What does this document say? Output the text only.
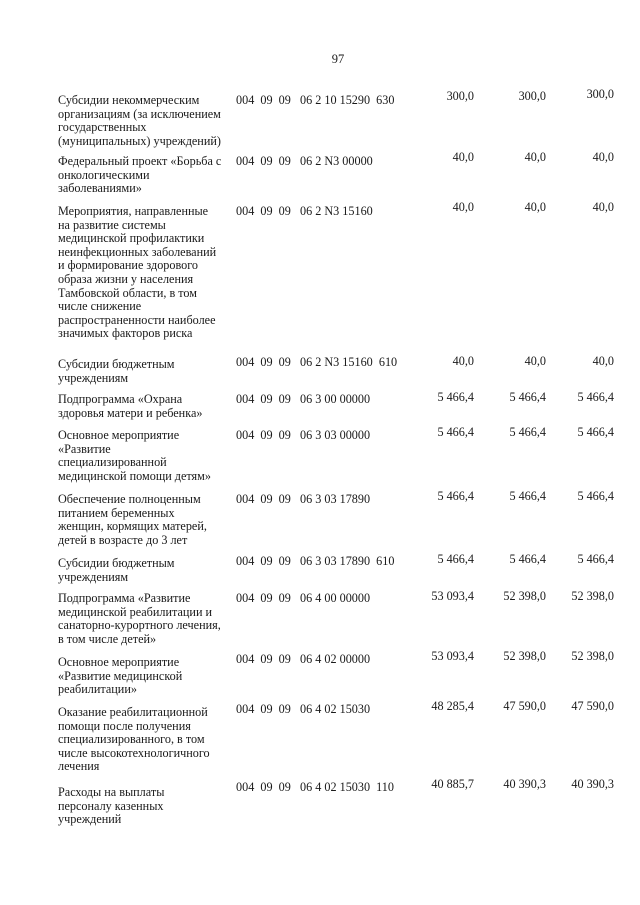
97
Субсидии некоммерческим
организациям (за исключением
государственных
(муниципальных) учреждений)
004  09  09   06 2 10 15290  630	300,0	300,0	300,0
Федеральный проект «Борьба с
онкологическими
заболеваниями»
004  09  09   06 2 N3 00000	40,0	40,0	40,0
Мероприятия, направленные
на развитие системы
медицинской профилактики
неинфекционных заболеваний
и формирование здорового
образа жизни у населения
Тамбовской области, в том
числе снижение
распространенности наиболее
значимых факторов риска
004  09  09   06 2 N3 15160	40,0	40,0	40,0
Субсидии бюджетным
учреждениям
004  09  09   06 2 N3 15160  610	40,0	40,0	40,0
Подпрограмма «Охрана
здоровья матери и ребенка»
004  09  09   06 3 00 00000	5 466,4	5 466,4	5 466,4
Основное мероприятие
«Развитие
специализированной
медицинской помощи детям»
004  09  09   06 3 03 00000	5 466,4	5 466,4	5 466,4
Обеспечение полноценным
питанием беременных
женщин, кормящих матерей,
детей в возрасте до 3 лет
004  09  09   06 3 03 17890	5 466,4	5 466,4	5 466,4
Субсидии бюджетным
учреждениям
004  09  09   06 3 03 17890  610	5 466,4	5 466,4	5 466,4
Подпрограмма «Развитие
медицинской реабилитации и
санаторно-курортного лечения,
в том числе детей»
004  09  09   06 4 00 00000	53 093,4	52 398,0	52 398,0
Основное мероприятие
«Развитие медицинской
реабилитации»
004  09  09   06 4 02 00000	53 093,4	52 398,0	52 398,0
Оказание реабилитационной
помощи после получения
специализированного, в том
числе высокотехнологичного
лечения
004  09  09   06 4 02 15030	48 285,4	47 590,0	47 590,0
Расходы на выплаты
персоналу казенных
учреждений
004  09  09   06 4 02 15030  110	40 885,7	40 390,3	40 390,3
